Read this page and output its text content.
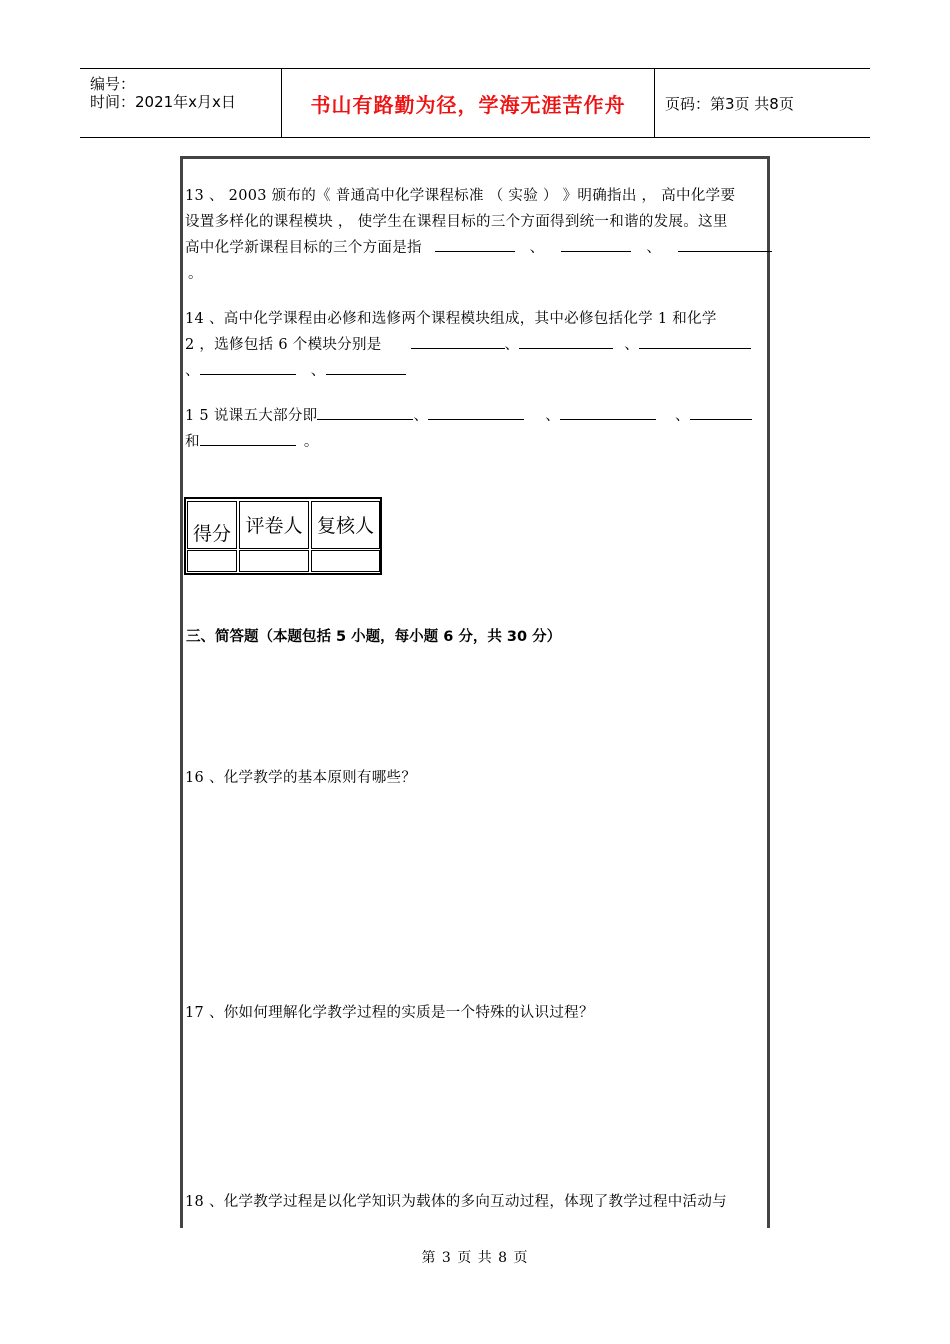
编号：
时间：2021年x月x日	书山有路勤为径，学海无涯苦作舟	页码：第3页 共8页
13 、 2003 颁布的《 普通高中化学课程标准 （ 实验 ） 》明确指出 ， 高中化学要
设置多样化的课程模块 ， 使学生在课程目标的三个方面得到统一和谐的发展。这里
高中化学新课程目标的三个方面是指	、	、
。
14 、高中化学课程由必修和选修两个课程模块组成，其中必修包括化学 1 和化学
2 ，选修包括 6 个模块分别是	、	、
、	、
1 5 说课五大部分即	、	、	、
和	。
得分 评卷人 复核人
三、简答题（本题包括 5 小题，每小题 6 分，共 30 分）
16 、化学教学的基本原则有哪些？
17 、你如何理解化学教学过程的实质是一个特殊的认识过程？
18 、化学教学过程是以化学知识为载体的多向互动过程，体现了教学过程中活动与
第 3 页 共 8 页
